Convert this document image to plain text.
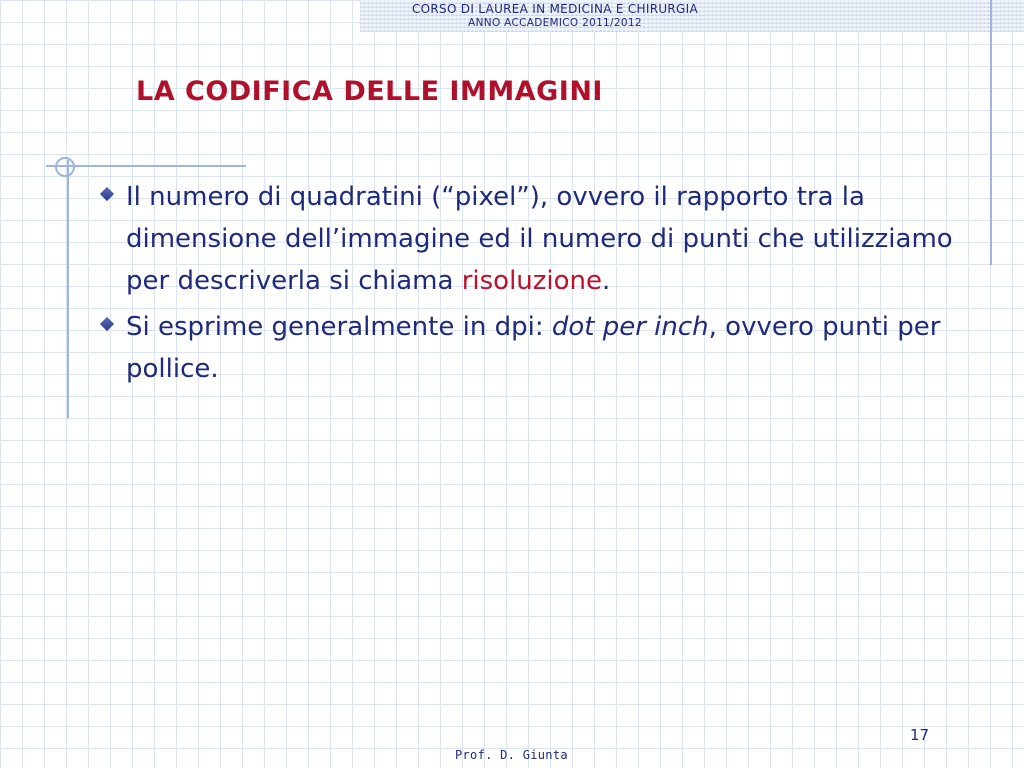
CORSO DI LAUREA IN MEDICINA E CHIRURGIA
ANNO ACCADEMICO 2011/2012
LA CODIFICA DELLE IMMAGINI
Il numero di quadratini (“pixel”), ovvero il rapporto tra la dimensione dell’immagine ed il numero di punti che utilizziamo per descriverla si chiama risoluzione.
Si esprime generalmente in dpi: dot per inch, ovvero punti per pollice.
17
Prof. D. Giunta
